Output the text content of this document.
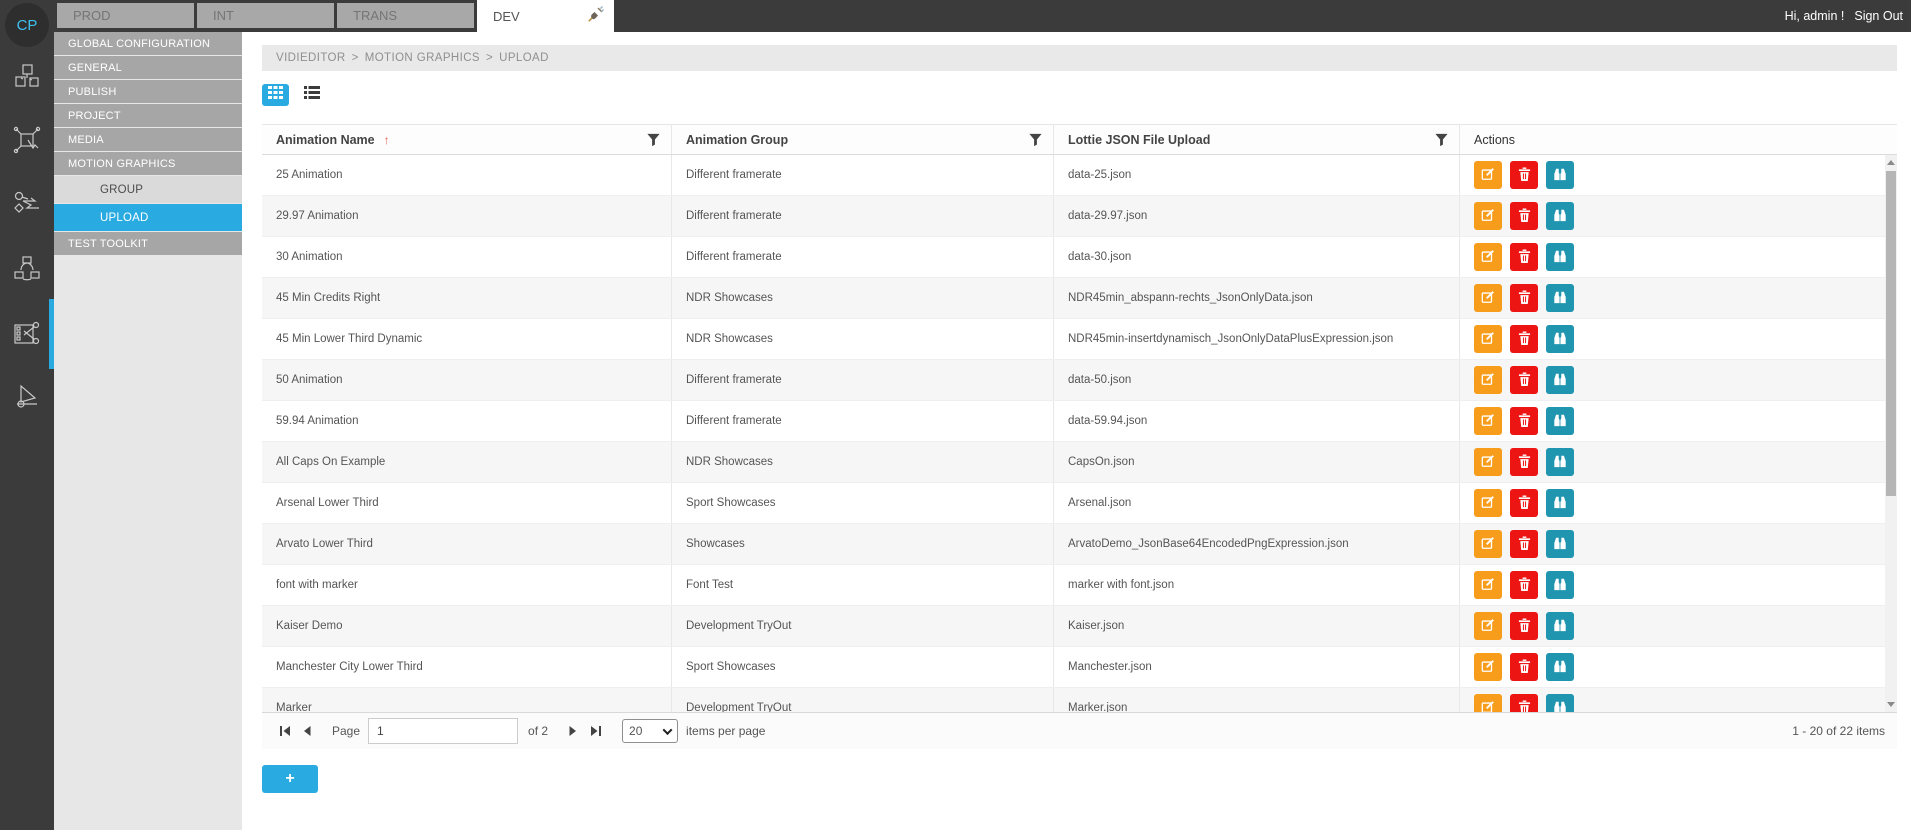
PROD	INT	TRANS	DEV	Hi, admin ! Sign Out
CP
GLOBAL CONFIGURATION
GENERAL
PUBLISH
PROJECT
MEDIA
MOTION GRAPHICS
GROUP
UPLOAD
TEST TOOLKIT
VIDIEDITOR > MOTION GRAPHICS > UPLOAD
Animation Name ↑	Animation Group	Lottie JSON File Upload	Actions
25 Animation	Different framerate	data-25.json
29.97 Animation	Different framerate	data-29.97.json
30 Animation	Different framerate	data-30.json
45 Min Credits Right	NDR Showcases	NDR45min_abspann-rechts_JsonOnlyData.json
45 Min Lower Third Dynamic	NDR Showcases	NDR45min-insertdynamisch_JsonOnlyDataPlusExpression.json
50 Animation	Different framerate	data-50.json
59.94 Animation	Different framerate	data-59.94.json
All Caps On Example	NDR Showcases	CapsOn.json
Arsenal Lower Third	Sport Showcases	Arsenal.json
Arvato Lower Third	Showcases	ArvatoDemo_JsonBase64EncodedPngExpression.json
font with marker	Font Test	marker with font.json
Kaiser Demo	Development TryOut	Kaiser.json
Manchester City Lower Third	Sport Showcases	Manchester.json
Marker	Development TryOut	Marker.json
Page
1	of 2	20	items per page	1 - 20 of 22 items
+
